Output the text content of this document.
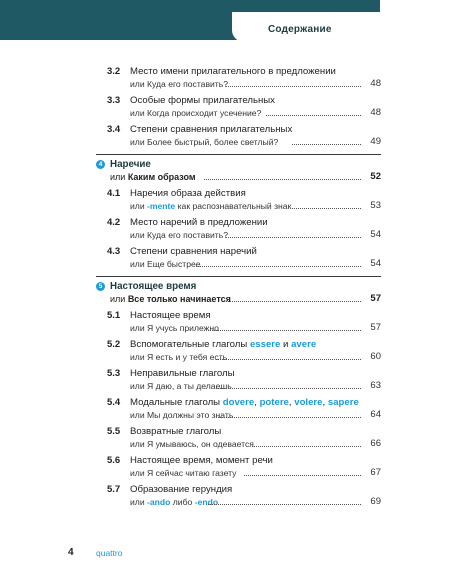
Содержание
3.2 Место имени прилагательного в предложении
или Куда его поставить?	48
3.3 Особые формы прилагательных
или Когда происходит усечение?	48
3.4 Степени сравнения прилагательных
или Более быстрый, более светлый?	49
4 Наречие
или Каким образом	52
4.1 Наречия образа действия
или -mente как распознавательный знак	53
4.2 Место наречий в предложении
или Куда его поставить?	54
4.3 Степени сравнения наречий
или Еще быстрее	54
5 Настоящее время
или Все только начинается	57
5.1 Настоящее время
или Я учусь прилежно	57
5.2 Вспомогательные глаголы essere и avere
или Я есть и у тебя есть	60
5.3 Неправильные глаголы
или Я даю, а ты делаешь	63
5.4 Модальные глаголы dovere, potere, volere, sapere
или Мы должны это знать	64
5.5 Возвратные глаголы
или Я умываюсь, он одевается	66
5.6 Настоящее время, момент речи
или Я сейчас читаю газету	67
5.7 Образование герундия
или -ando либо -endo	69
4	quattro
